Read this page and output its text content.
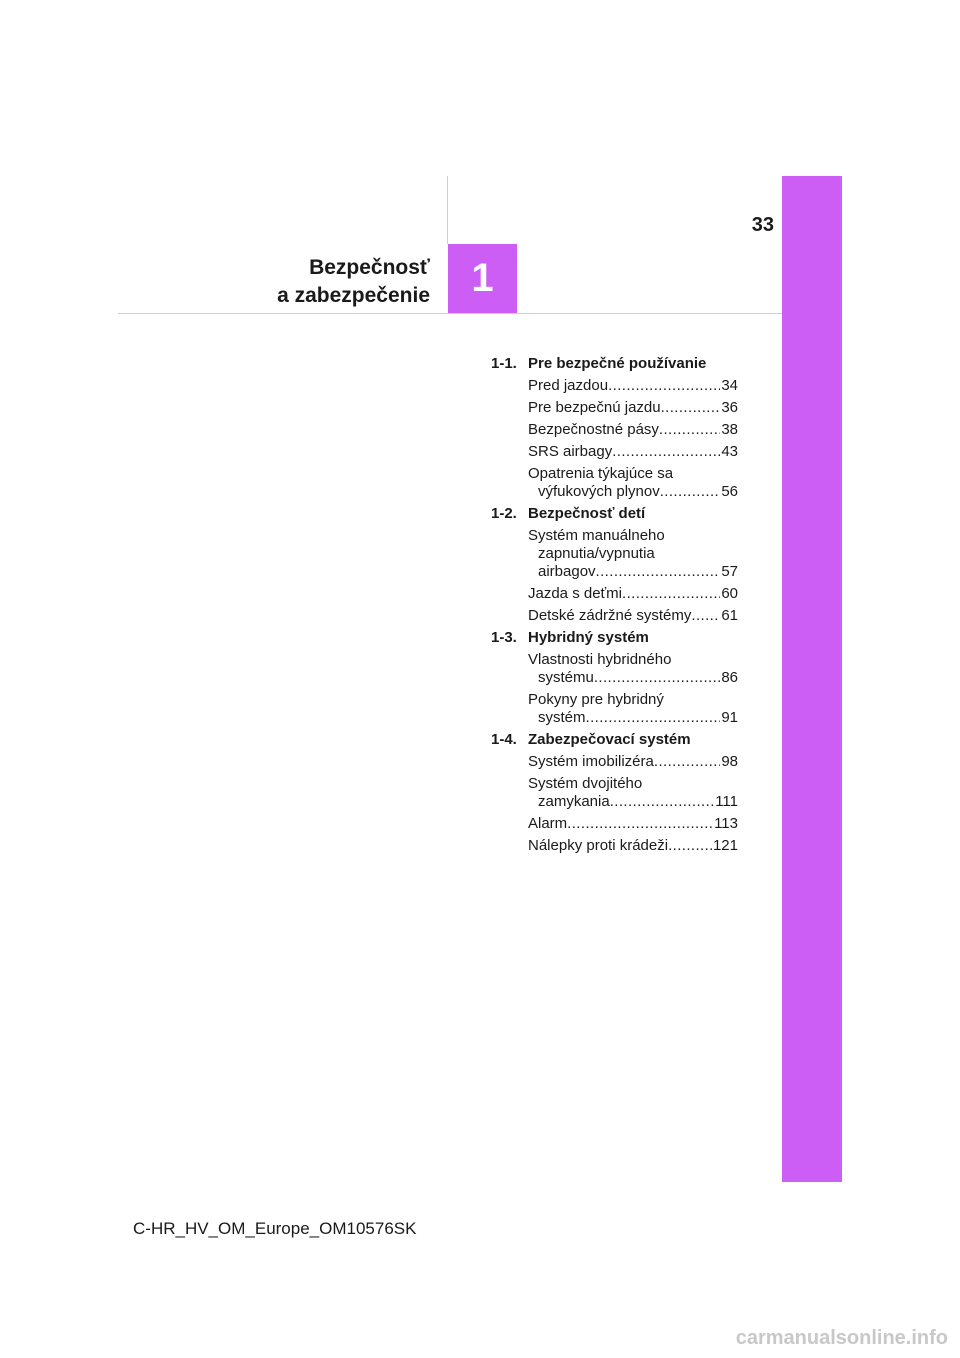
33
Bezpečnosť
a zabezpečenie	1
1-1. Pre bezpečné používanie
Pred jazdou .....	34
Pre bezpečnú jazdu .....	36
Bezpečnostné pásy .....	38
SRS airbagy .....	43
Opatrenia týkajúce sa
výfukových plynov .....	56
1-2. Bezpečnosť detí
Systém manuálneho
zapnutia/vypnutia
airbagov .....	57
Jazda s deťmi .....	60
Detské zádržné systémy ..... 61
1-3. Hybridný systém
Vlastnosti hybridného
systému .....	86
Pokyny pre hybridný
systém .....	91
1-4. Zabezpečovací systém
Systém imobilizéra .....	98
Systém dvojitého
zamykania .....	111
Alarm .....	113
Nálepky proti krádeži .....	121
C-HR_HV_OM_Europe_OM10576SK
carmanualsonline.info
